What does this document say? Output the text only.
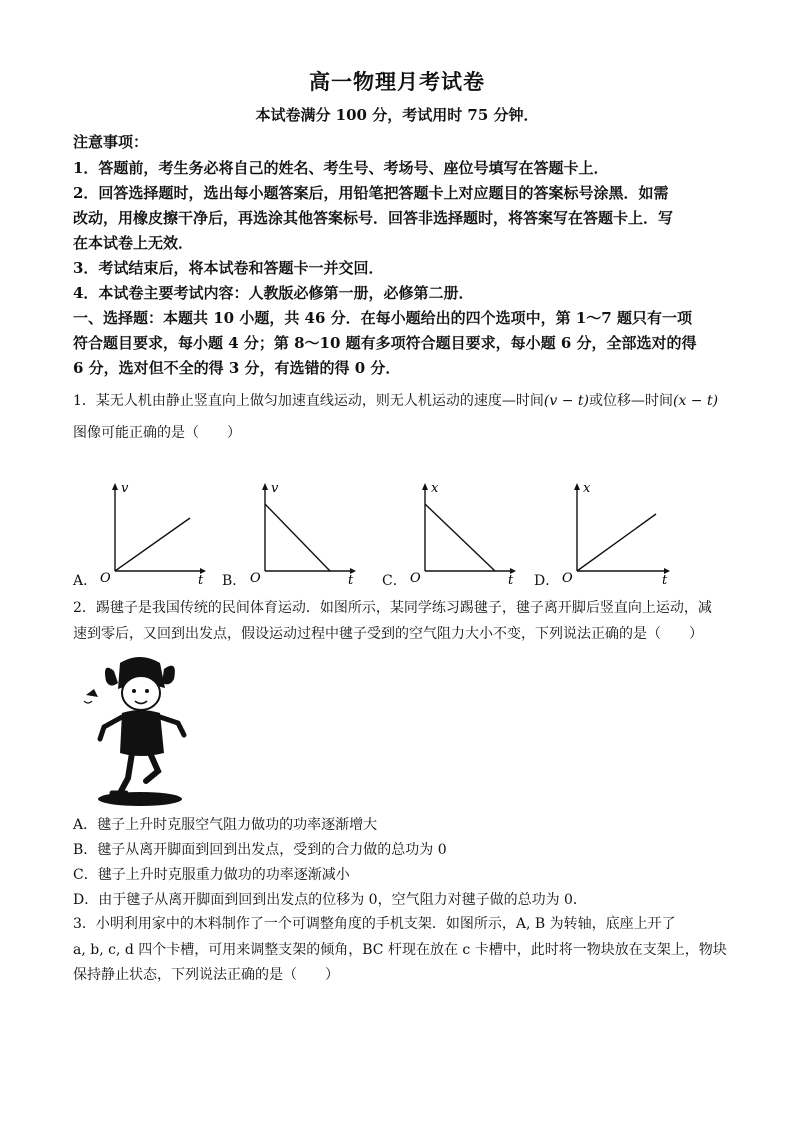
高一物理月考试卷
本试卷满分 100 分，考试用时 75 分钟．
注意事项：
1．答题前，考生务必将自己的姓名、考生号、考场号、座位号填写在答题卡上．
2．回答选择题时，选出每小题答案后，用铅笔把答题卡上对应题目的答案标号涂黑．如需
改动，用橡皮擦干净后，再选涂其他答案标号．回答非选择题时，将答案写在答题卡上．写
在本试卷上无效．
3．考试结束后，将本试卷和答题卡一并交回．
4．本试卷主要考试内容：人教版必修第一册，必修第二册．
一、选择题：本题共 10 小题，共 46 分．在每小题给出的四个选项中，第 1～7 题只有一项
符合题目要求，每小题 4 分；第 8～10 题有多项符合题目要求，每小题 6 分，全部选对的得
6 分，选对但不全的得 3 分，有选错的得 0 分．
1．某无人机由静止竖直向上做匀加速直线运动，则无人机运动的速度—时间(v − t)或位移—时间(x − t)
图像可能正确的是（　　）
A．
v
t
O	B．
v
t
O	C．
x
t
O	D．
x
t
O
2．踢毽子是我国传统的民间体育运动．如图所示，某同学练习踢毽子，毽子离开脚后竖直向上运动，减
速到零后，又回到出发点，假设运动过程中毽子受到的空气阻力大小不变，下列说法正确的是（　　）
A．毽子上升时克服空气阻力做功的功率逐渐增大
B．毽子从离开脚面到回到出发点，受到的合力做的总功为 0
C．毽子上升时克服重力做功的功率逐渐减小
D．由于毽子从离开脚面到回到出发点的位移为 0，空气阻力对毽子做的总功为 0．
3．小明利用家中的木料制作了一个可调整角度的手机支架．如图所示，A, B 为转轴，底座上开了
a, b, c, d 四个卡槽，可用来调整支架的倾角，BC 杆现在放在 c 卡槽中，此时将一物块放在支架上，物块
保持静止状态，下列说法正确的是（　　）
